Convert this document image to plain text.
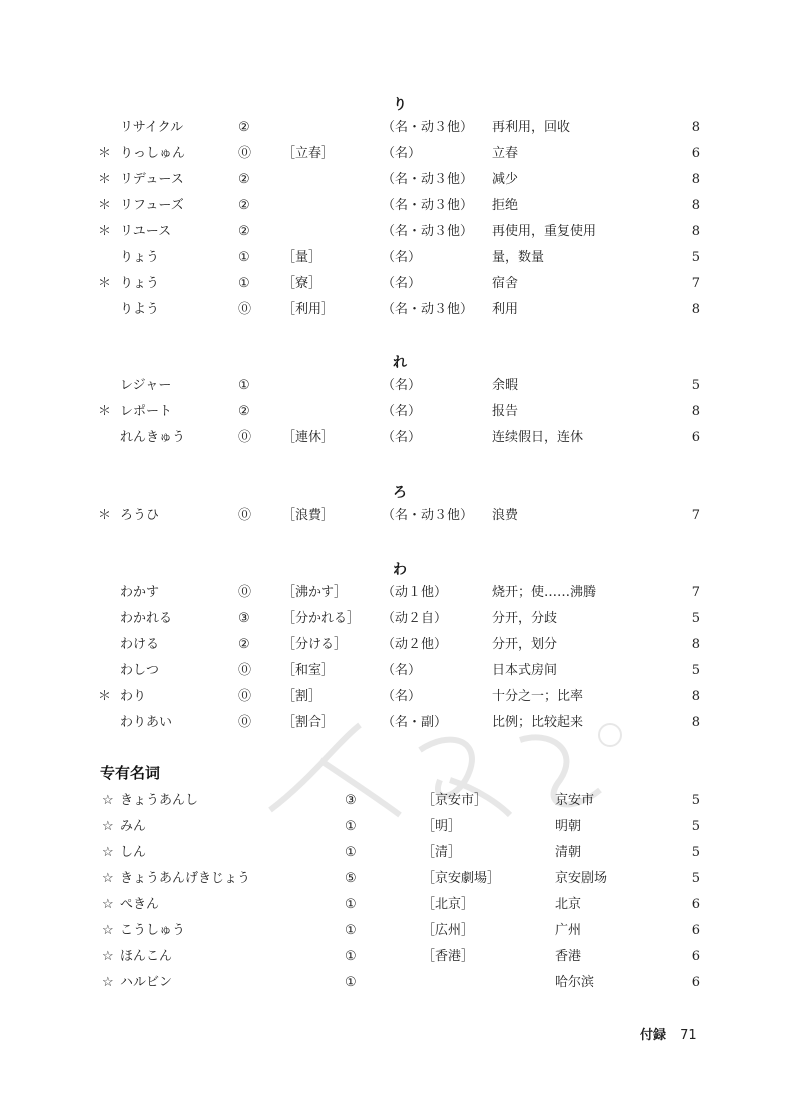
り
リサイクル	②	（名・动３他） 再利用，回收	8
＊ りっしゅん	⓪ ［立春］	（名）	立春	6
＊ リデュース	②	（名・动３他） 减少	8
＊ リフューズ	②	（名・动３他） 拒绝	8
＊ リユース	②	（名・动３他） 再使用，重复使用	8
りょう	① ［量］	（名）	量，数量	5
＊ りょう	① ［寮］	（名）	宿舍	7
りよう	⓪ ［利用］	（名・动３他） 利用	8
れ
レジャー	①	（名）	余暇	5
＊ レポート	②	（名）	报告	8
れんきゅう	⓪ ［連休］	（名）	连续假日，连休	6
ろ
＊ ろうひ	⓪ ［浪費］	（名・动３他） 浪费	7
わ
わかす	⓪ ［沸かす］	（动１他）	烧开；使……沸腾	7
わかれる	③ ［分かれる］ （动２自）	分开，分歧	5
わける	② ［分ける］	（动２他）	分开，划分	8
わしつ	⓪ ［和室］	（名）	日本式房间	5
＊ わり	⓪ ［割］	（名）	十分之一；比率	8
わりあい	⓪ ［割合］	（名・副）	比例；比较起来	8
专有名词
☆ きょうあんし	③	［京安市］	京安市	5
☆ みん	①	［明］	明朝	5
☆ しん	①	［清］	清朝	5
☆ きょうあんげきじょう	⑤	［京安劇場］	京安剧场	5
☆ ぺきん	①	［北京］	北京	6
☆ こうしゅう	①	［広州］	广州	6
☆ ほんこん	①	［香港］	香港	6
☆ ハルビン	①	哈尔滨	6
付録 71
